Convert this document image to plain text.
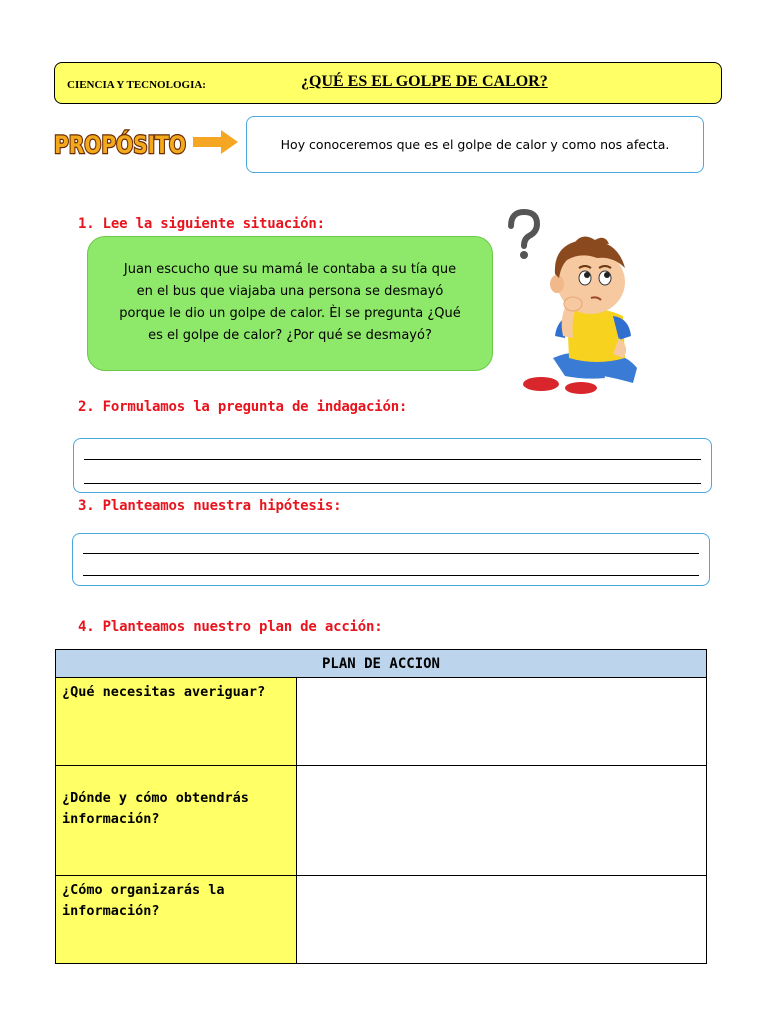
CIENCIA Y TECNOLOGIA:	¿QUÉ ES EL GOLPE DE CALOR?
PROPÓSITO	Hoy conoceremos que es el golpe de calor y como nos afecta.
1. Lee la siguiente situación:
Juan escucho que su mamá le contaba a su tía que
en el bus que viajaba una persona se desmayó
porque le dio un golpe de calor. Èl se pregunta ¿Qué
es el golpe de calor? ¿Por qué se desmayó?
2. Formulamos la pregunta de indagación:
3. Planteamos nuestra hipótesis:
4. Planteamos nuestro plan de acción:
PLAN DE ACCION	
¿Qué necesitas averiguar?	
¿Dónde y cómo obtendrás información?	
¿Cómo organizarás la información?	
